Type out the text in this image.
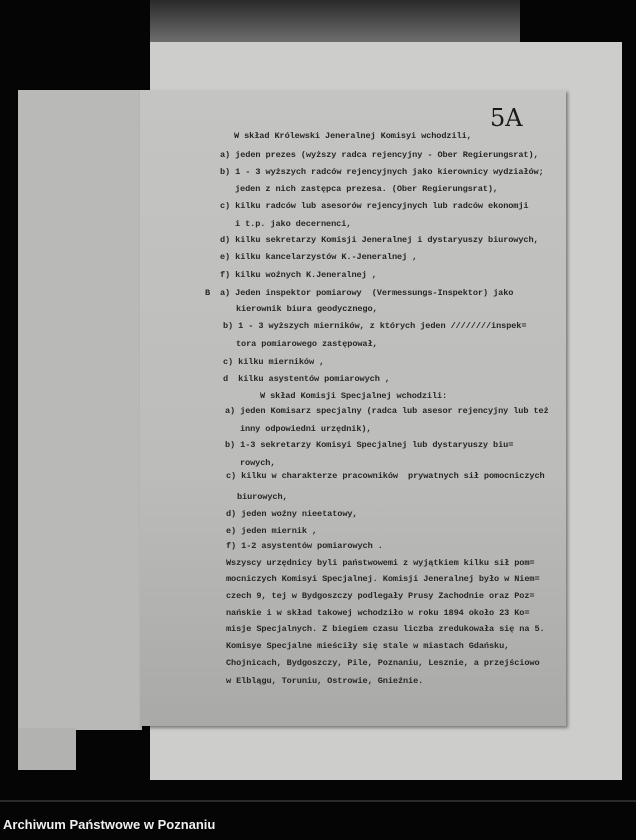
5A
B
W skład Królewski Jeneralnej Komisyi wchodzili,
a) jeden prezes (wyższy radca rejencyjny - Ober Regierungsrat),
b) 1 - 3 wyższych radców rejencyjnych jako kierownicy wydziałów;
jeden z nich zastępca prezesa. (Ober Regierungsrat),
c) kilku radców lub asesorów rejencyjnych lub radców ekonomji
i t.p. jako decernenci,
d) kilku sekretarzy Komisji Jeneralnej i dystaryuszy biurowych,
e) kilku kancelarzystów K.-Jeneralnej ,
f) kilku woźnych K.Jeneralnej ,
a) Jeden inspektor pomiarowy  (Vermessungs-Inspektor) jako
kierownik biura geodycznego,
b) 1 - 3 wyższych mierników, z których jeden ////////inspek=
tora pomiarowego zastępował,
c) kilku mierników ,
d  kilku asystentów pomiarowych ,
W skład Komisji Specjalnej wchodzili:
a) jeden Komisarz specjalny (radca lub asesor rejencyjny lub też
inny odpowiedni urzędnik),
b) 1-3 sekretarzy Komisyi Specjalnej lub dystaryuszy biu=
rowych,
c) kilku w charakterze pracowników  prywatnych sił pomocniczych
biurowych,
d) jeden woźny nieetatowy,
e) jeden miernik ,
f) 1-2 asystentów pomiarowych .
Wszyscy urzędnicy byli państwowemi z wyjątkiem kilku sił pom=
mocniczych Komisyi Specjalnej. Komisji Jeneralnej było w Niem=
czech 9, tej w Bydgoszczy podlegały Prusy Zachodnie oraz Poz=
nańskie i w skład takowej wchodziło w roku 1894 około 23 Ko=
misje Specjalnych. Z biegiem czasu liczba zredukowała się na 5.
Komisye Specjalne mieściły się stale w miastach Gdańsku,
Chojnicach, Bydgoszczy, Pile, Poznaniu, Lesznie, a przejściowo
w Elblągu, Toruniu, Ostrowie, Gnieźnie.
Archiwum Państwowe w Poznaniu
